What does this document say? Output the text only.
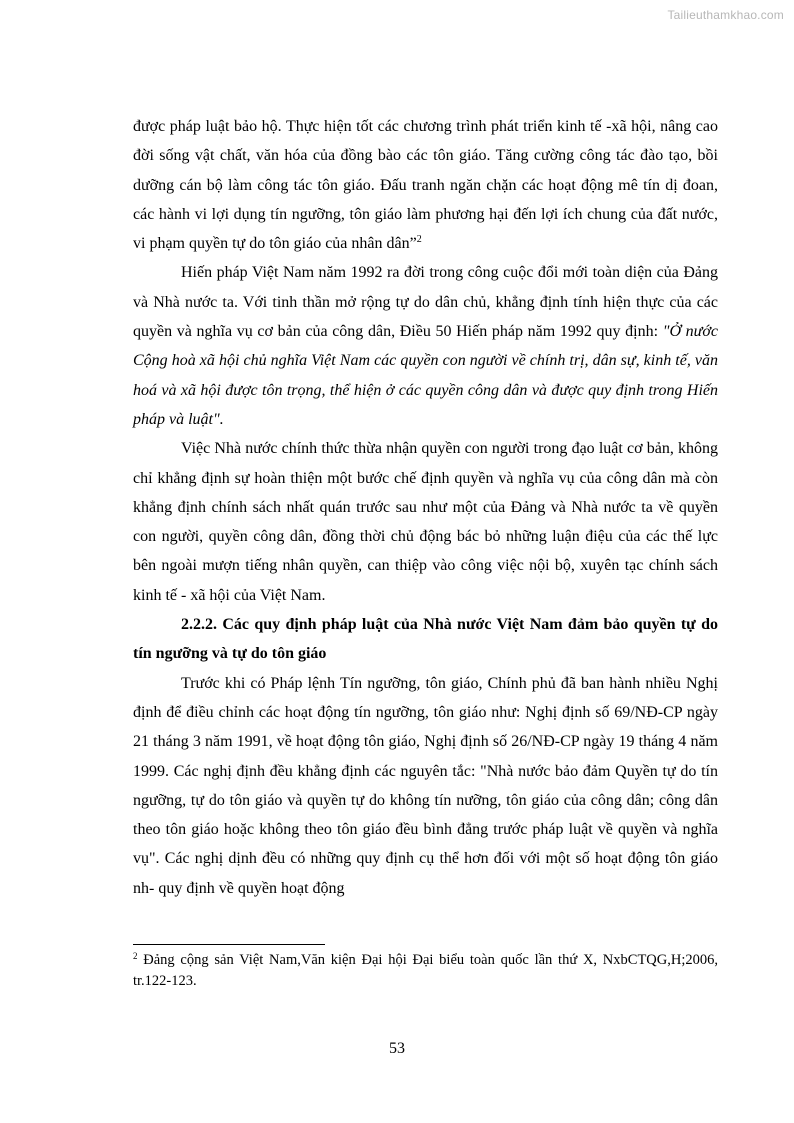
Tailieuthamkhao.com

được pháp luật bảo hộ. Thực hiện tốt các chương trình phát triển kinh tế -xã hội, nâng cao đời sống vật chất, văn hóa của đồng bào các tôn giáo. Tăng cường công tác đào tạo, bồi dưỡng cán bộ làm công tác tôn giáo. Đấu tranh ngăn chặn các hoạt động mê tín dị đoan, các hành vi lợi dụng tín ngưỡng, tôn giáo làm phương hại đến lợi ích chung của đất nước, vi phạm quyền tự do tôn giáo của nhân dân”$^2$

Hiến pháp Việt Nam năm 1992 ra đời trong công cuộc đổi mới toàn diện của Đảng và Nhà nước ta. Với tinh thần mở rộng tự do dân chủ, khẳng định tính hiện thực của các quyền và nghĩa vụ cơ bản của công dân, Điều 50 Hiến pháp năm 1992 quy định: "Ở nước Cộng hoà xã hội chủ nghĩa Việt Nam các quyền con người về chính trị, dân sự, kinh tế, văn hoá và xã hội được tôn trọng, thể hiện ở các quyền công dân và được quy định trong Hiến pháp và luật".

Việc Nhà nước chính thức thừa nhận quyền con người trong đạo luật cơ bản, không chỉ khẳng định sự hoàn thiện một bước chế định quyền và nghĩa vụ của công dân mà còn khẳng định chính sách nhất quán trước sau như một của Đảng và Nhà nước ta về quyền con người, quyền công dân, đồng thời chủ động bác bỏ những luận điệu của các thế lực bên ngoài mượn tiếng nhân quyền, can thiệp vào công việc nội bộ, xuyên tạc chính sách kinh tế - xã hội của Việt Nam.

2.2.2. Các quy định pháp luật của Nhà nước Việt Nam đảm bảo quyền tự do tín ngưỡng và tự do tôn giáo

Trước khi có Pháp lệnh Tín ngưỡng, tôn giáo, Chính phủ đã ban hành nhiều Nghị định để điều chỉnh các hoạt động tín ngưỡng, tôn giáo như: Nghị định số 69/NĐ-CP ngày 21 tháng 3 năm 1991, về hoạt động tôn giáo, Nghị định số 26/NĐ-CP ngày 19 tháng 4 năm 1999. Các nghị định đều khẳng định các nguyên tắc: "Nhà nước bảo đảm Quyền tự do tín ngưỡng, tự do tôn giáo và quyền tự do không tín nưỡng, tôn giáo của công dân; công dân theo tôn giáo hoặc không theo tôn giáo đều bình đẳng trước pháp luật về quyền và nghĩa vụ". Các nghị dịnh đều có những quy định cụ thể hơn đối với một số hoạt động tôn giáo nh- quy định về quyền hoạt động

$^2$ Đảng cộng sản Việt Nam,Văn kiện Đại hội Đại biểu toàn quốc lần thứ X, NxbCTQG,H;2006, tr.122-123.
53
